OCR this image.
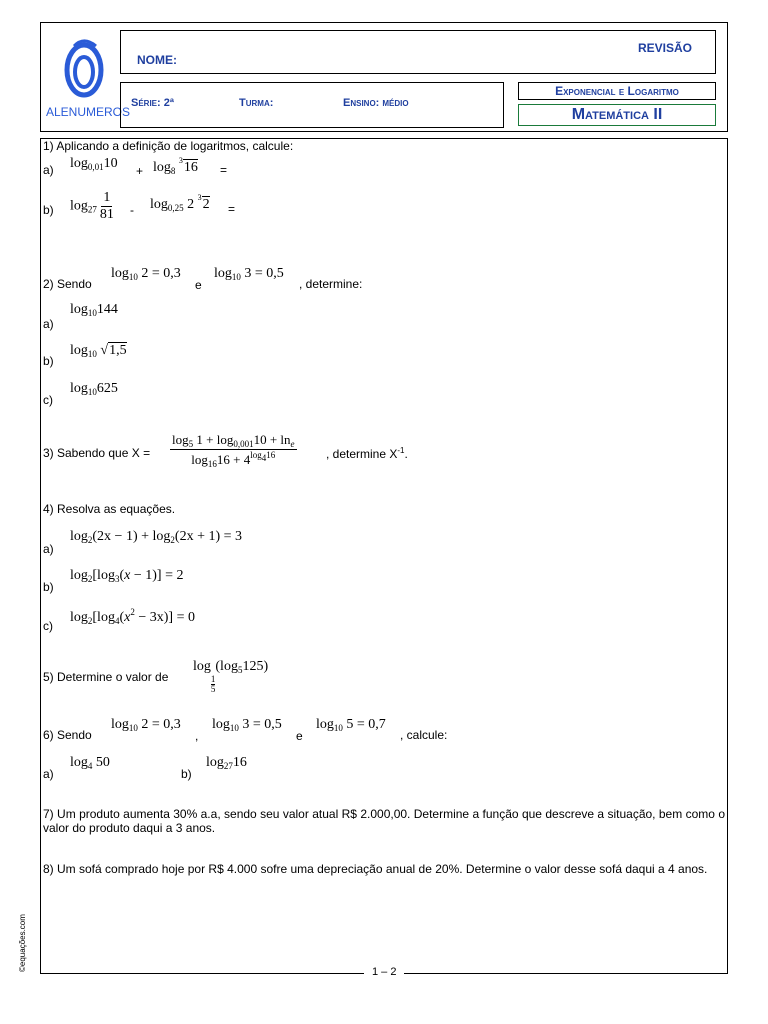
ALENUMEROS
NOME:
REVISÃO
Série: 2ª	Turma:	Ensino: médio
Exponencial e Logaritmo
Matemática II
1) Aplicando a definição de logaritmos, calcule:
a) $\log_{0,01}10 + \log_8 ^316$ =
b) $\log_{27} \frac{1}{81} - \log_{0,25} 2$ $^3$2 =
2) Sendo
$\log_{10} 2 = 0,3$
e
$\log_{10} 3 = 0,5$
, determine:
a)
$\log_{10}144$
b)
$\log_{10} √1,5$
c)
$\log_{10}625$
3) Sabendo que $X = \frac{\log_5 1 + \log_{0,001}10 + \ln_e}{\log_{16}16 + 4^{log_416}}$ , determine $X^{-1}$.
4) Resolva as equações.
a)
$\log_2(2x - 1) + \log_2(2x + 1) = 3$
b)
$\log_2[\log_3(x - 1)] = 2$
c)
$\log_2[\log_4(x^2 - 3x)] = 0$
5) Determine o valor de
log
$\frac{1}{5}$
$(\log_5125)$
6) Sendo
$\log_{10} 2 = 0,3$
,
$\log_{10} 3 = 0,5$
e
$\log_{10} 5 = 0,7$
, calcule:
a)
$\log_4 50$
b)
$\log_{27}16$
7) Um produto aumenta 30% a.a, sendo seu valor atual R$ 2.000,00. Determine a função que descreve a situação, bem como o valor do produto daqui a 3 anos.
8) Um sofá comprado hoje por R$ 4.000 sofre uma depreciação anual de 20%. Determine o valor desse sofá daqui a 4 anos.
1 – 2
©equações.com
